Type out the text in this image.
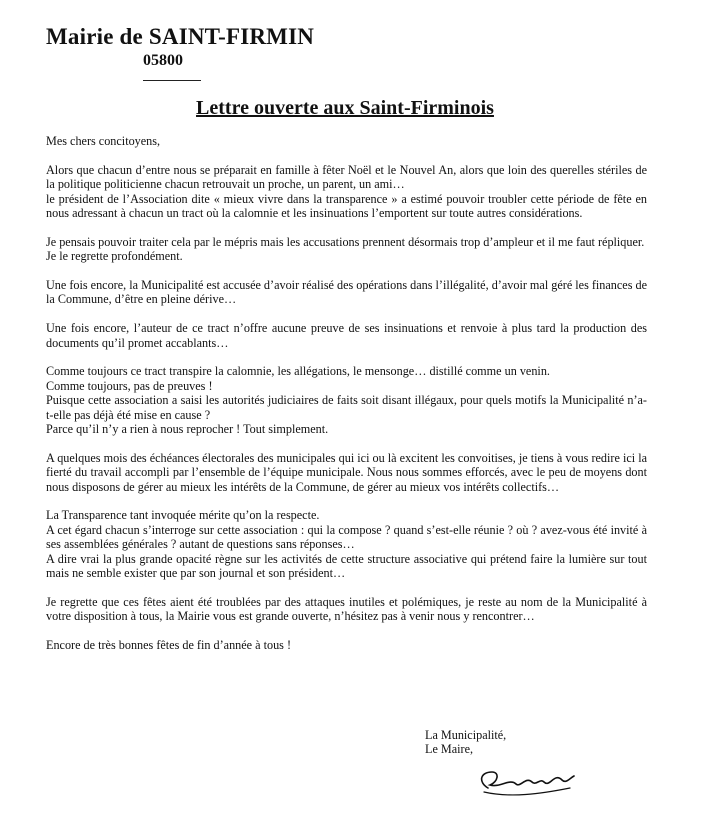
Mairie de SAINT-FIRMIN
05800
Lettre ouverte aux Saint-Firminois

Mes chers concitoyens,

Alors que chacun d’entre nous se préparait en famille à fêter Noël et le Nouvel An, alors que loin des querelles stériles de la politique politicienne chacun retrouvait un proche, un parent, un ami…
le président de l’Association dite « mieux vivre dans la transparence » a estimé pouvoir troubler cette période de fête en nous adressant à chacun un tract où la calomnie et les insinuations l’emportent sur toute autres considérations.

Je pensais pouvoir traiter cela par le mépris mais les accusations prennent désormais trop d’ampleur et il me faut répliquer.
Je le regrette profondément.

Une fois encore, la Municipalité est accusée d’avoir réalisé des opérations dans l’illégalité, d’avoir mal géré les finances de la Commune, d’être en pleine dérive…

Une fois encore, l’auteur de ce tract n’offre aucune preuve de ses insinuations et renvoie à plus tard la production des documents qu’il promet accablants…

Comme toujours ce tract transpire la calomnie, les allégations, le mensonge… distillé comme un venin.
Comme toujours, pas de preuves !
Puisque cette association a saisi les autorités judiciaires de faits soit disant illégaux, pour quels motifs la Municipalité n’a-t-elle pas déjà été mise en cause ?
Parce qu’il n’y a rien à nous reprocher ! Tout simplement.

A quelques mois des échéances électorales des municipales qui ici ou là excitent les convoitises, je tiens à vous redire ici la fierté du travail accompli par l’ensemble de l’équipe municipale. Nous nous sommes efforcés, avec le peu de moyens dont nous disposons de gérer au mieux les intérêts de la Commune, de gérer au mieux vos intérêts collectifs…

La Transparence tant invoquée mérite qu’on la respecte.
A cet égard chacun s’interroge sur cette association : qui la compose ? quand s’est-elle réunie ? où ? avez-vous été invité à ses assemblées générales ? autant de questions sans réponses…
A dire vrai la plus grande opacité règne sur les activités de cette structure associative qui prétend faire la lumière sur tout mais ne semble exister que par son journal et son président…

Je regrette que ces fêtes aient été troublées par des attaques inutiles et polémiques, je reste au nom de la Municipalité à votre disposition à tous, la Mairie vous est grande ouverte, n’hésitez pas à venir nous y rencontrer…

Encore de très bonnes fêtes de fin d’année à tous !

La Municipalité,
Le Maire,
